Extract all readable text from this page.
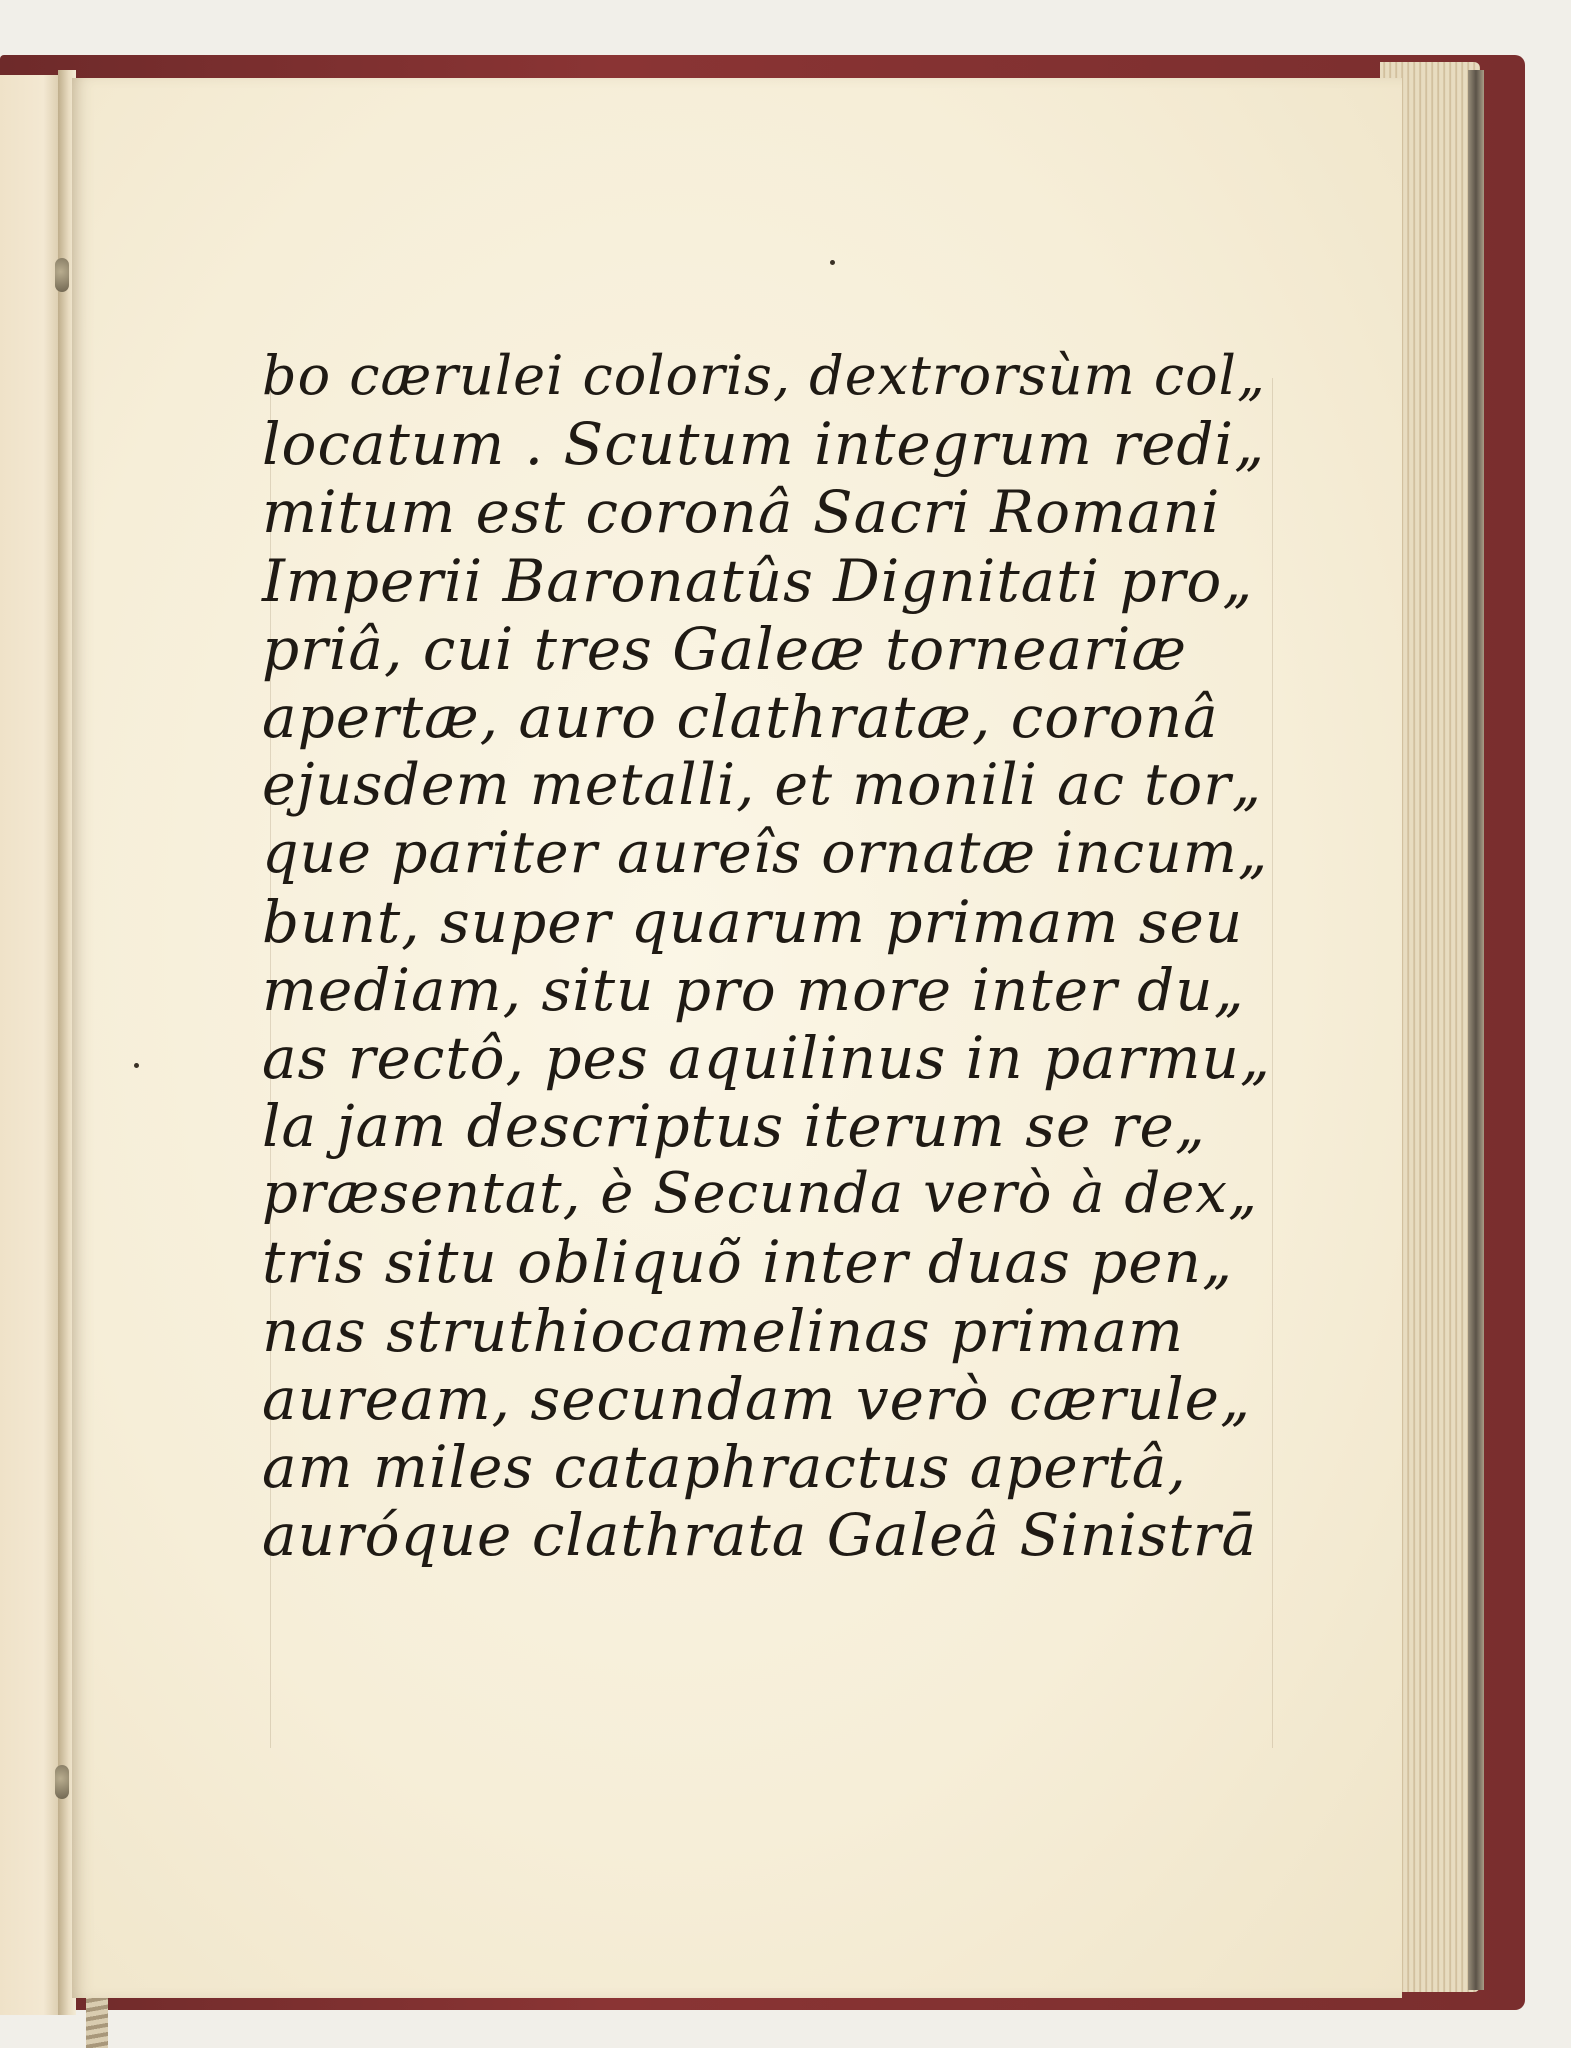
bo cærulei coloris, dextrorsùm col„
locatum . Scutum integrum redi„
mitum est coronâ Sacri Romani
Imperii Baronatûs Dignitati pro„
priâ, cui tres Galeæ torneariæ
apertæ, auro clathratæ, coronâ
ejusdem metalli, et monili ac tor„
que pariter aureîs ornatæ incum„
bunt, super quarum primam seu
mediam, situ pro more inter du„
as rectô, pes aquilinus in parmu„
la jam descriptus iterum se re„
præsentat, è Secunda verò à dex„
tris situ obliquõ inter duas pen„
nas struthiocamelinas primam
auream, secundam verò cærule„
am miles cataphractus apertâ,
auróque clathrata Galeâ Sinistrā
